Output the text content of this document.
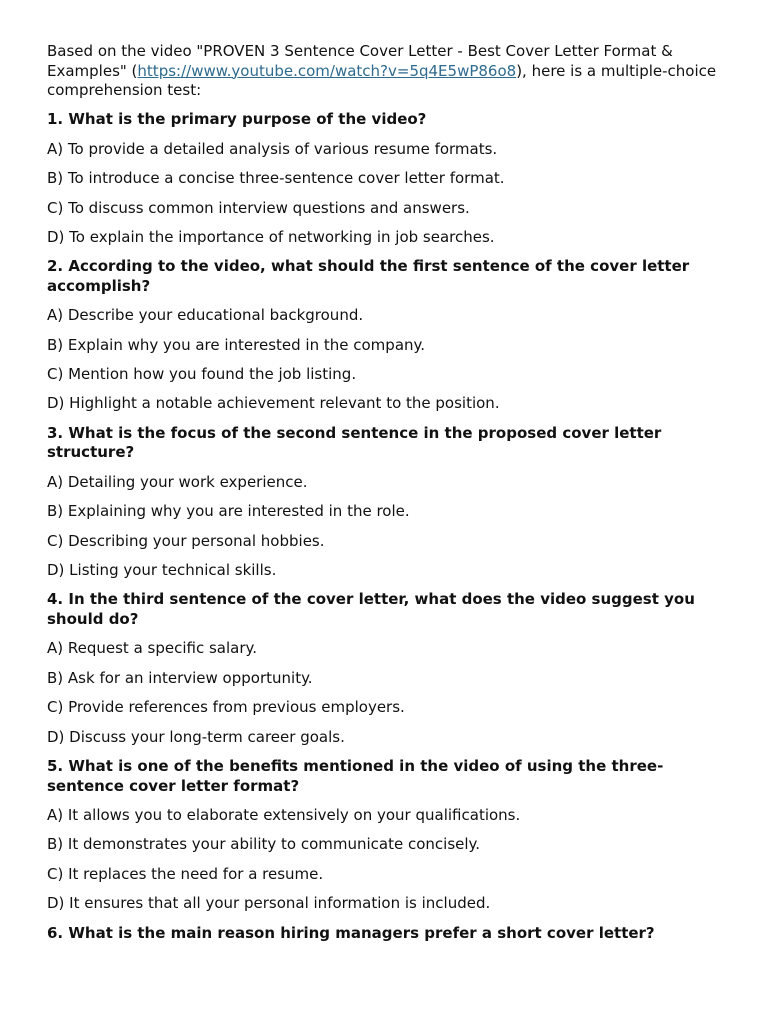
Based on the video "PROVEN 3 Sentence Cover Letter - Best Cover Letter Format & Examples" (https://www.youtube.com/watch?v=5q4E5wP86o8), here is a multiple-choice comprehension test:

1. What is the primary purpose of the video?

A) To provide a detailed analysis of various resume formats.

B) To introduce a concise three-sentence cover letter format.

C) To discuss common interview questions and answers.

D) To explain the importance of networking in job searches.

2. According to the video, what should the first sentence of the cover letter accomplish?

A) Describe your educational background.

B) Explain why you are interested in the company.

C) Mention how you found the job listing.

D) Highlight a notable achievement relevant to the position.

3. What is the focus of the second sentence in the proposed cover letter structure?

A) Detailing your work experience.

B) Explaining why you are interested in the role.

C) Describing your personal hobbies.

D) Listing your technical skills.

4. In the third sentence of the cover letter, what does the video suggest you should do?

A) Request a specific salary.

B) Ask for an interview opportunity.

C) Provide references from previous employers.

D) Discuss your long-term career goals.

5. What is one of the benefits mentioned in the video of using the three-sentence cover letter format?

A) It allows you to elaborate extensively on your qualifications.

B) It demonstrates your ability to communicate concisely.

C) It replaces the need for a resume.

D) It ensures that all your personal information is included.

6. What is the main reason hiring managers prefer a short cover letter?
